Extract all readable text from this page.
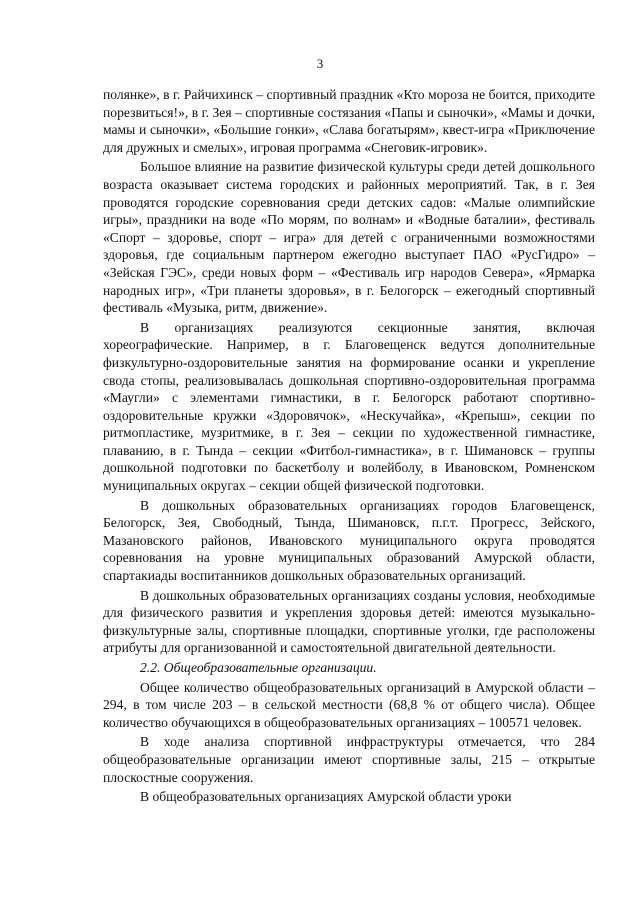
3

полянке», в г. Райчихинск – спортивный праздник «Кто мороза не боится, приходите порезвиться!», в г. Зея – спортивные состязания «Папы и сыночки», «Мамы и дочки, мамы и сыночки», «Большие гонки», «Слава богатырям», квест-игра «Приключение для дружных и смелых», игровая программа «Снеговик-игровик».

Большое влияние на развитие физической культуры среди детей дошкольного возраста оказывает система городских и районных мероприятий. Так, в г. Зея проводятся городские соревнования среди детских садов: «Малые олимпийские игры», праздники на воде «По морям, по волнам» и «Водные баталии», фестиваль «Спорт – здоровье, спорт – игра» для детей с ограниченными возможностями здоровья, где социальным партнером ежегодно выступает ПАО «РусГидро» – «Зейская ГЭС», среди новых форм – «Фестиваль игр народов Севера», «Ярмарка народных игр», «Три планеты здоровья», в г. Белогорск – ежегодный спортивный фестиваль «Музыка, ритм, движение».

В организациях реализуются секционные занятия, включая хореографические. Например, в г. Благовещенск ведутся дополнительные физкультурно-оздоровительные занятия на формирование осанки и укрепление свода стопы, реализовывалась дошкольная спортивно-оздоровительная программа «Маугли» с элементами гимнастики, в г. Белогорск работают спортивно-оздоровительные кружки «Здоровячок», «Нескучайка», «Крепыш», секции по ритмопластике, музритмике, в г. Зея – секции по художественной гимнастике, плаванию, в г. Тында – секции «Фитбол-гимнастика», в г. Шимановск – группы дошкольной подготовки по баскетболу и волейболу, в Ивановском, Ромненском муниципальных округах – секции общей физической подготовки.

В дошкольных образовательных организациях городов Благовещенск, Белогорск, Зея, Свободный, Тында, Шимановск, п.г.т. Прогресс, Зейского, Мазановского районов, Ивановского муниципального округа проводятся соревнования на уровне муниципальных образований Амурской области, спартакиады воспитанников дошкольных образовательных организаций.

В дошкольных образовательных организациях созданы условия, необходимые для физического развития и укрепления здоровья детей: имеются музыкально-физкультурные залы, спортивные площадки, спортивные уголки, где расположены атрибуты для организованной и самостоятельной двигательной деятельности.

2.2. Общеобразовательные организации.

Общее количество общеобразовательных организаций в Амурской области – 294, в том числе 203 – в сельской местности (68,8 % от общего числа). Общее количество обучающихся в общеобразовательных организациях – 100571 человек.

В ходе анализа спортивной инфраструктуры отмечается, что 284 общеобразовательные организации имеют спортивные залы, 215 – открытые плоскостные сооружения.

В общеобразовательных организациях Амурской области уроки
